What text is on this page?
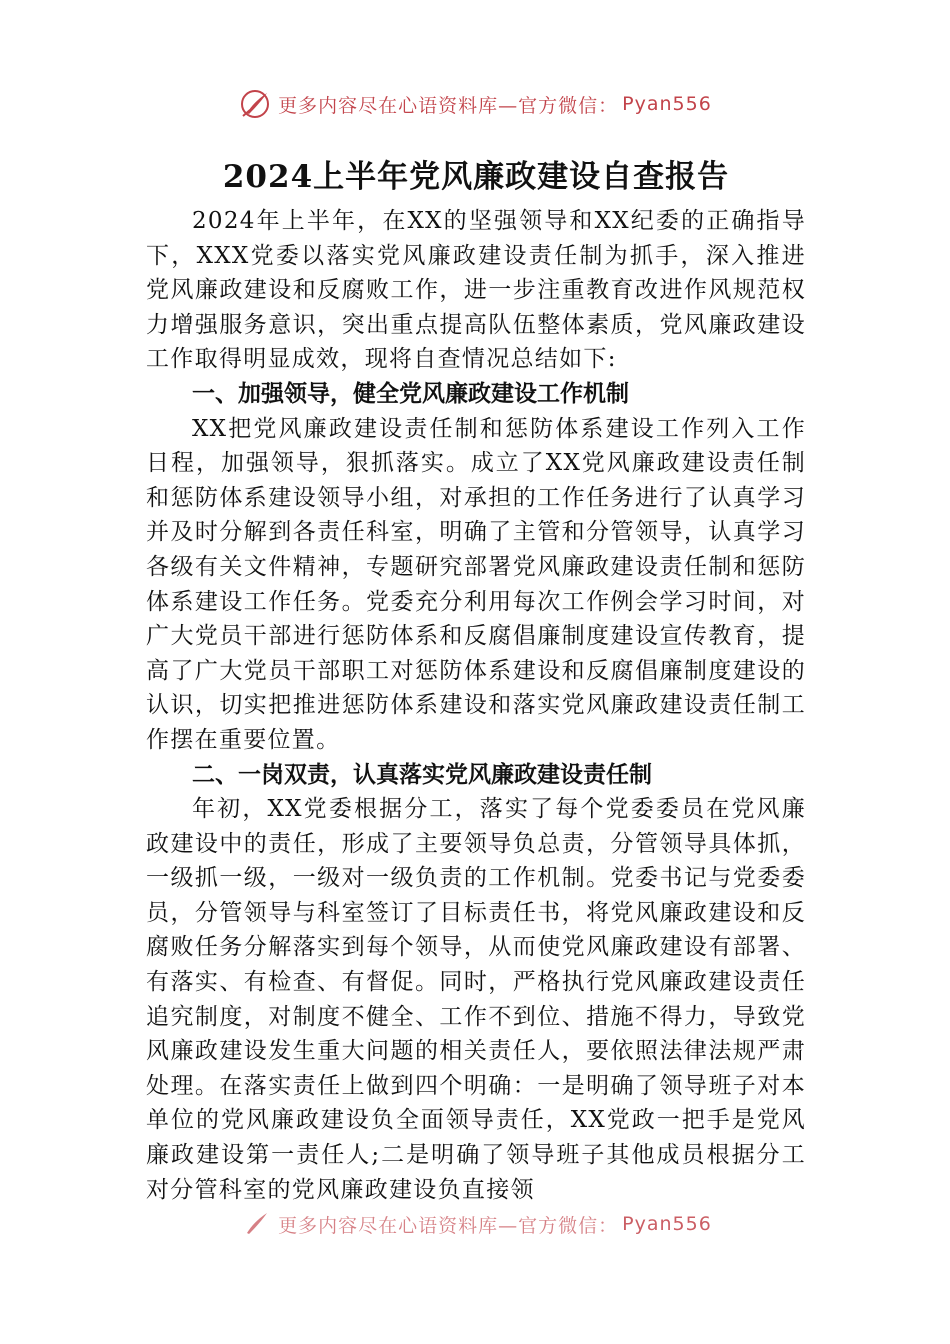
更多内容尽在心语资料库—官方微信： Pyan556
2024上半年党风廉政建设自查报告

2024年上半年，在XX的坚强领导和XX纪委的正确指导下，XXX党委以落实党风廉政建设责任制为抓手，深入推进党风廉政建设和反腐败工作，进一步注重教育改进作风规范权力增强服务意识，突出重点提高队伍整体素质，党风廉政建设工作取得明显成效，现将自查情况总结如下:

一、加强领导，健全党风廉政建设工作机制

XX把党风廉政建设责任制和惩防体系建设工作列入工作日程，加强领导，狠抓落实。成立了XX党风廉政建设责任制和惩防体系建设领导小组，对承担的工作任务进行了认真学习并及时分解到各责任科室，明确了主管和分管领导，认真学习各级有关文件精神，专题研究部署党风廉政建设责任制和惩防体系建设工作任务。党委充分利用每次工作例会学习时间，对广大党员干部进行惩防体系和反腐倡廉制度建设宣传教育，提高了广大党员干部职工对惩防体系建设和反腐倡廉制度建设的认识，切实把推进惩防体系建设和落实党风廉政建设责任制工作摆在重要位置。

二、一岗双责，认真落实党风廉政建设责任制

年初，XX党委根据分工，落实了每个党委委员在党风廉政建设中的责任，形成了主要领导负总责，分管领导具体抓，一级抓一级，一级对一级负责的工作机制。党委书记与党委委员，分管领导与科室签订了目标责任书，将党风廉政建设和反腐败任务分解落实到每个领导，从而使党风廉政建设有部署、有落实、有检查、有督促。同时，严格执行党风廉政建设责任追究制度，对制度不健全、工作不到位、措施不得力，导致党风廉政建设发生重大问题的相关责任人，要依照法律法规严肃处理。在落实责任上做到四个明确：一是明确了领导班子对本单位的党风廉政建设负全面领导责任，XX党政一把手是党风廉政建设第一责任人;二是明确了领导班子其他成员根据分工对分管科室的党风廉政建设负直接领

更多内容尽在心语资料库—官方微信： Pyan556
